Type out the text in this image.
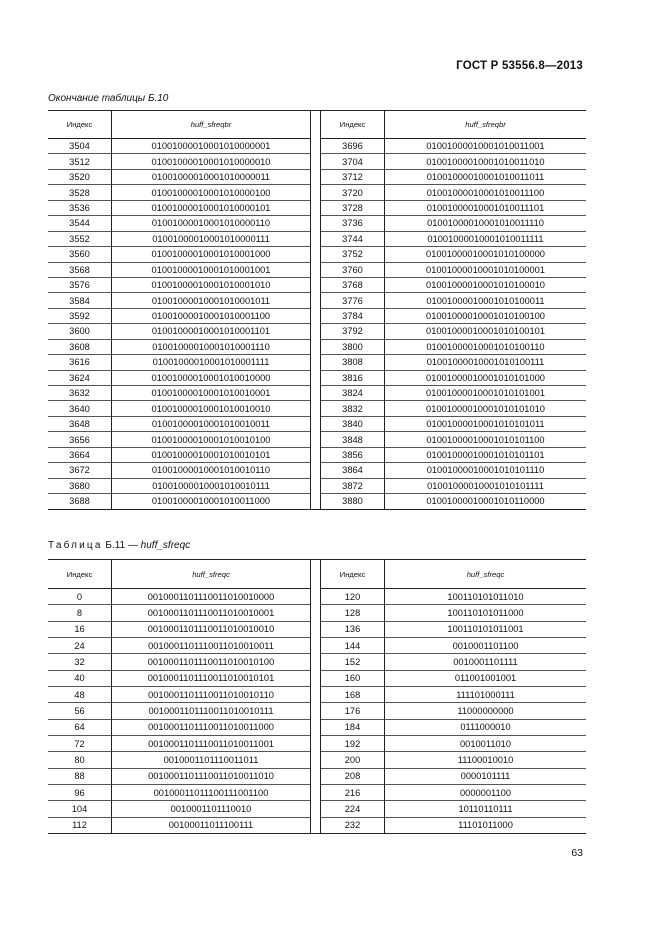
ГОСТ Р 53556.8—2013
Окончание таблицы Б.10
Индекс	huff_sfreqbr		Индекс	huff_sfreqbr
3504	01001000010001010000001		3696	01001000010001010011001
3512	01001000010001010000010		3704	01001000010001010011010
3520	01001000010001010000011		3712	01001000010001010011011
3528	01001000010001010000100		3720	01001000010001010011100
3536	01001000010001010000101		3728	01001000010001010011101
3544	01001000010001010000110		3736	01001000010001010011110
3552	01001000010001010000111		3744	01001000010001010011111
3560	01001000010001010001000		3752	01001000010001010100000
3568	01001000010001010001001		3760	01001000010001010100001
3576	01001000010001010001010		3768	01001000010001010100010
3584	01001000010001010001011		3776	01001000010001010100011
3592	01001000010001010001100		3784	01001000010001010100100
3600	01001000010001010001101		3792	01001000010001010100101
3608	01001000010001010001110		3800	01001000010001010100110
3616	01001000010001010001111		3808	01001000010001010100111
3624	01001000010001010010000		3816	01001000010001010101000
3632	01001000010001010010001		3824	01001000010001010101001
3640	01001000010001010010010		3832	01001000010001010101010
3648	01001000010001010010011		3840	01001000010001010101011
3656	01001000010001010010100		3848	01001000010001010101100
3664	01001000010001010010101		3856	01001000010001010101101
3672	01001000010001010010110		3864	01001000010001010101110
3680	01001000010001010010111		3872	01001000010001010101111
3688	01001000010001010011000		3880	01001000010001010110000
Таблица Б.11 — huff_sfreqc
Индекс	huff_sfreqc		Индекс	huff_sfreqc
0	0010001101110011010010000		120	100110101011010
8	0010001101110011010010001		128	100110101011000
16	0010001101110011010010010		136	100110101011001
24	0010001101110011010010011		144	0010001101100
32	0010001101110011010010100		152	0010001101111
40	0010001101110011010010101		160	011001001001
48	0010001101110011010010110		168	111101000111
56	0010001101110011010010111		176	11000000000
64	0010001101110011010011000		184	0111000010
72	0010001101110011010011001		192	0010011010
80	0010001101110011011		200	11100010010
88	0010001101110011010011010		208	0000101111
96	00100011011100111001100		216	0000001100
104	0010001101110010		224	10110110111
112	00100011011100111		232	11101011000
63
